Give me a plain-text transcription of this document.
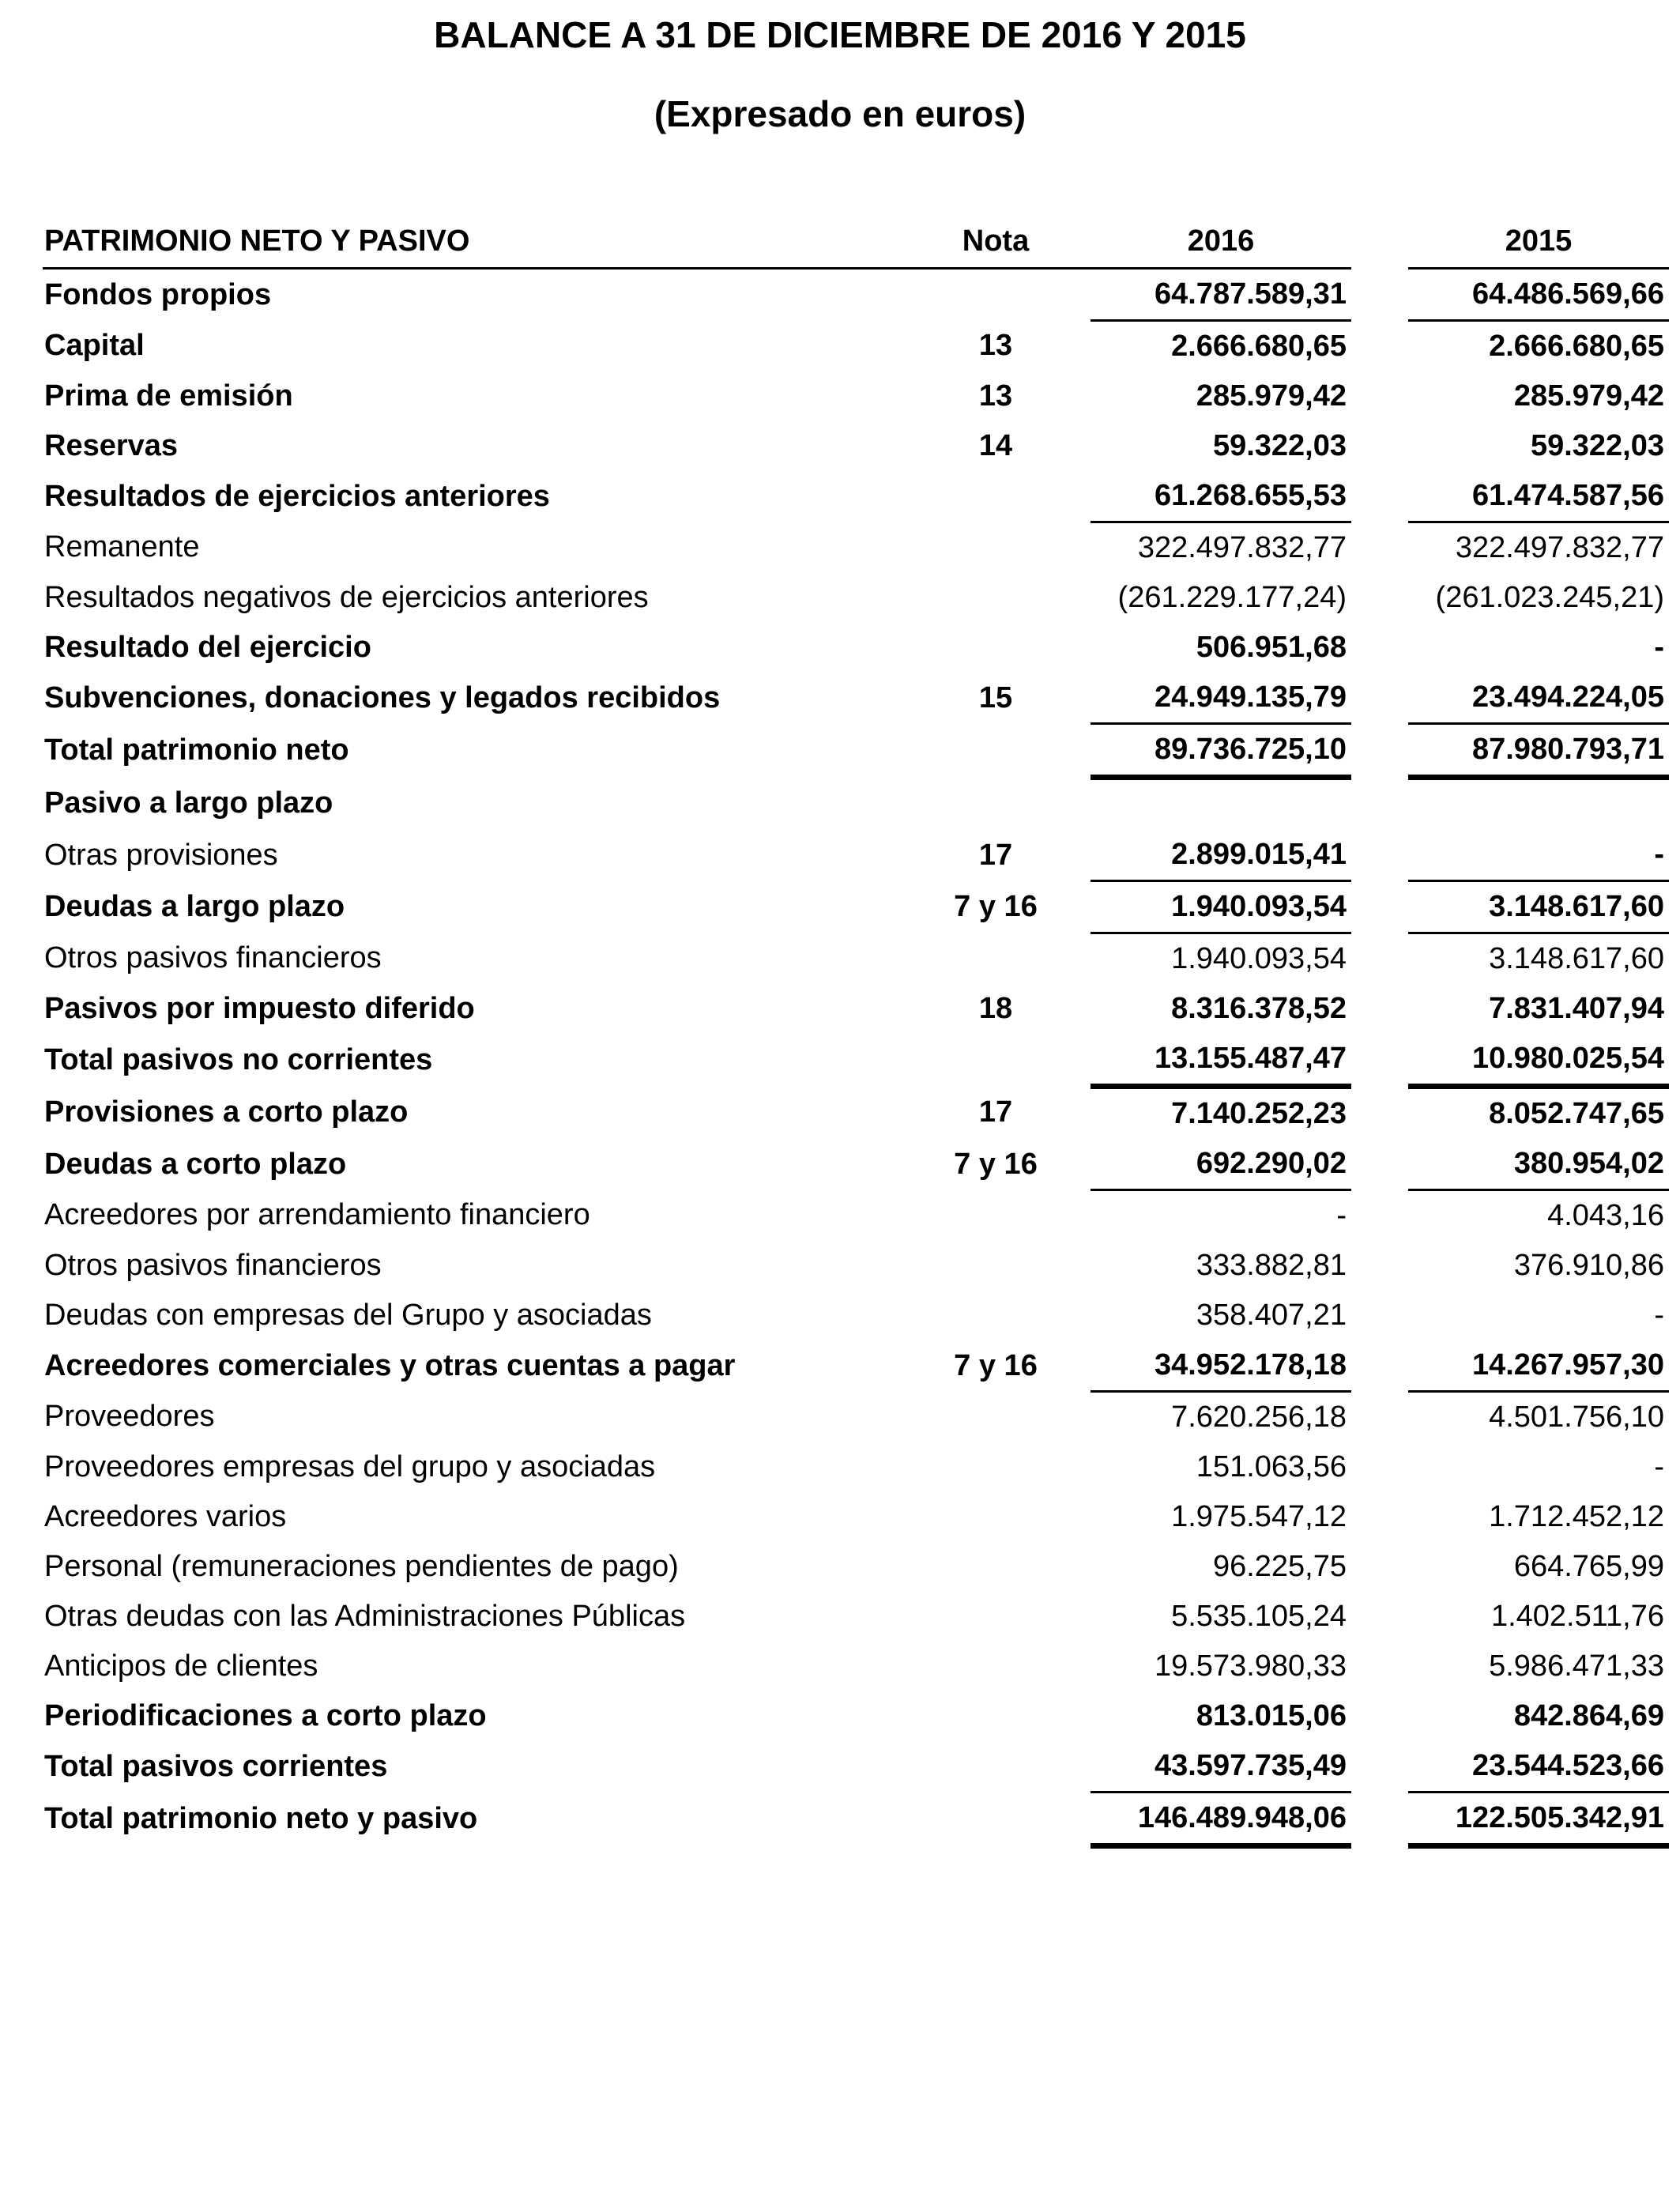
BALANCE A 31 DE DICIEMBRE DE 2016 Y 2015
(Expresado en euros)
PATRIMONIO NETO Y PASIVO	Nota	2016		2015
Fondos propios		64.787.589,31		64.486.569,66
Capital	13	2.666.680,65		2.666.680,65
Prima de emisión	13	285.979,42		285.979,42
Reservas	14	59.322,03		59.322,03
Resultados de ejercicios anteriores		61.268.655,53		61.474.587,56
Remanente		322.497.832,77		322.497.832,77
Resultados negativos de ejercicios anteriores		(261.229.177,24)		(261.023.245,21)
Resultado del ejercicio		506.951,68		-
Subvenciones, donaciones y legados recibidos	15	24.949.135,79		23.494.224,05
Total patrimonio neto		89.736.725,10		87.980.793,71
Pasivo a largo plazo				
Otras provisiones	17	2.899.015,41		-
Deudas a largo plazo	7 y 16	1.940.093,54		3.148.617,60
Otros pasivos financieros		1.940.093,54		3.148.617,60
Pasivos por impuesto diferido	18	8.316.378,52		7.831.407,94
Total pasivos no corrientes		13.155.487,47		10.980.025,54
Provisiones a corto plazo	17	7.140.252,23		8.052.747,65
Deudas a corto plazo	7 y 16	692.290,02		380.954,02
Acreedores por arrendamiento financiero		-		4.043,16
Otros pasivos financieros		333.882,81		376.910,86
Deudas con empresas del Grupo y asociadas		358.407,21		-
Acreedores comerciales y otras cuentas a pagar	7 y 16	34.952.178,18		14.267.957,30
Proveedores		7.620.256,18		4.501.756,10
Proveedores empresas del grupo y asociadas		151.063,56		-
Acreedores varios		1.975.547,12		1.712.452,12
Personal (remuneraciones pendientes de pago)		96.225,75		664.765,99
Otras deudas con las Administraciones Públicas		5.535.105,24		1.402.511,76
Anticipos de clientes		19.573.980,33		5.986.471,33
Periodificaciones a corto plazo		813.015,06		842.864,69
Total pasivos corrientes		43.597.735,49		23.544.523,66
Total patrimonio neto y pasivo		146.489.948,06		122.505.342,91
